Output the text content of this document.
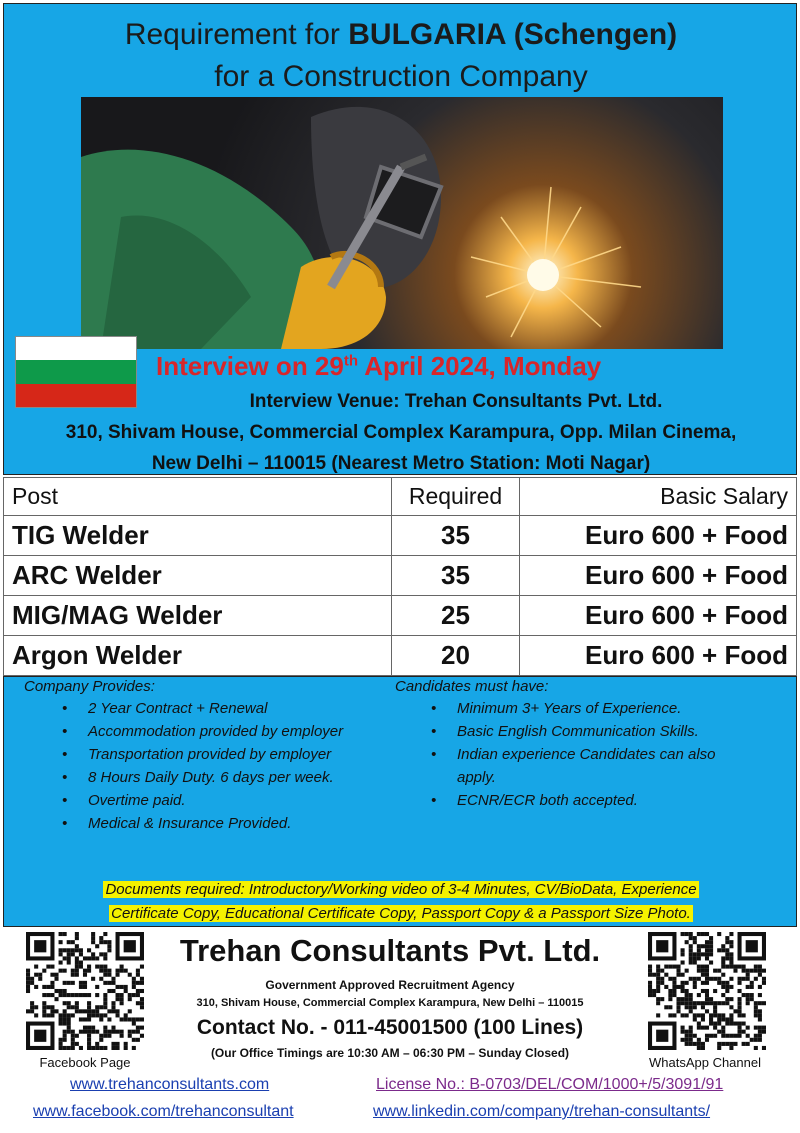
Requirement for BULGARIA (Schengen)
for a Construction Company
Interview on 29th April 2024, Monday
Interview Venue: Trehan Consultants Pvt. Ltd.
310, Shivam House, Commercial Complex Karampura, Opp. Milan Cinema,
New Delhi – 110015 (Nearest Metro Station: Moti Nagar)
Post	Required	Basic Salary
TIG Welder	35	Euro 600 + Food
ARC Welder	35	Euro 600 + Food
MIG/MAG Welder	25	Euro 600 + Food
Argon Welder	20	Euro 600 + Food
Company Provides:
• 2 Year Contract + Renewal
• Accommodation provided by employer
• Transportation provided by employer
• 8 Hours Daily Duty. 6 days per week.
• Overtime paid.
• Medical & Insurance Provided.
Candidates must have:
• Minimum 3+ Years of Experience.
• Basic English Communication Skills.
• Indian experience Candidates can also apply.
• ECNR/ECR both accepted.
Documents required: Introductory/Working video of 3-4 Minutes, CV/BioData, Experience
Certificate Copy, Educational Certificate Copy, Passport Copy & a Passport Size Photo.
Facebook Page	WhatsApp Channel
Trehan Consultants Pvt. Ltd.
Government Approved Recruitment Agency
310, Shivam House, Commercial Complex Karampura, New Delhi – 110015
Contact No. - 011-45001500 (100 Lines)
(Our Office Timings are 10:30 AM – 06:30 PM – Sunday Closed)
www.trehanconsultants.com	License No.: B-0703/DEL/COM/1000+/5/3091/91
www.facebook.com/trehanconsultant	www.linkedin.com/company/trehan-consultants/
